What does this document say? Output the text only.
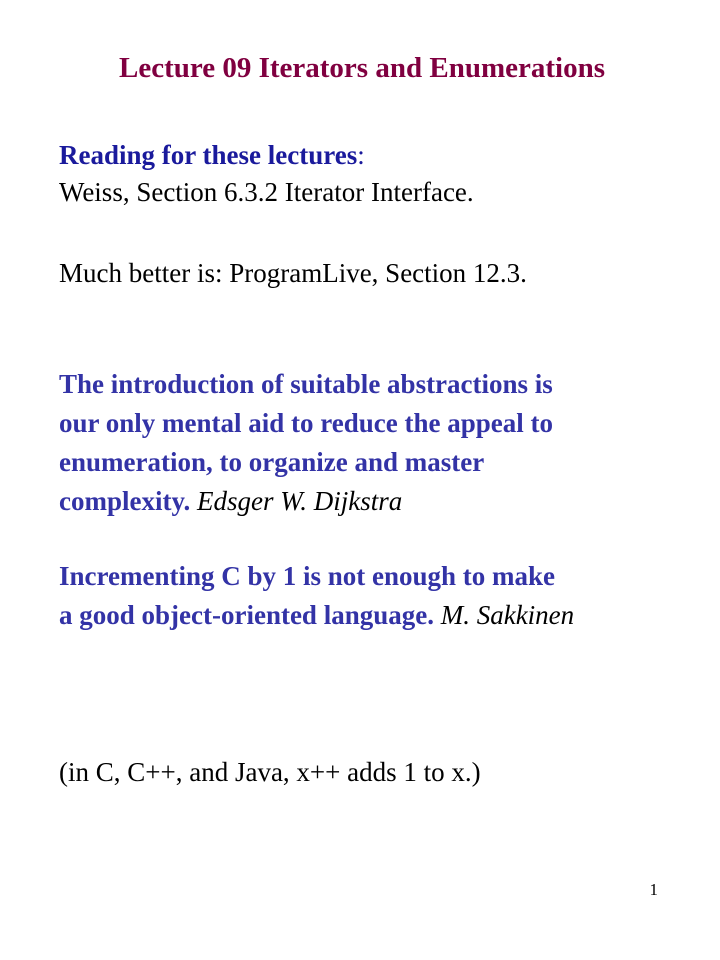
Lecture 09 Iterators and Enumerations
Reading for these lectures:
Weiss, Section 6.3.2 Iterator Interface.
Much better is: ProgramLive, Section 12.3.
The introduction of suitable abstractions is
our only mental aid to reduce the appeal to
enumeration, to organize and master
complexity. Edsger W. Dijkstra
Incrementing C by 1 is not enough to make
a good object-oriented language. M. Sakkinen
(in C, C++, and Java, x++ adds 1 to x.)
1
